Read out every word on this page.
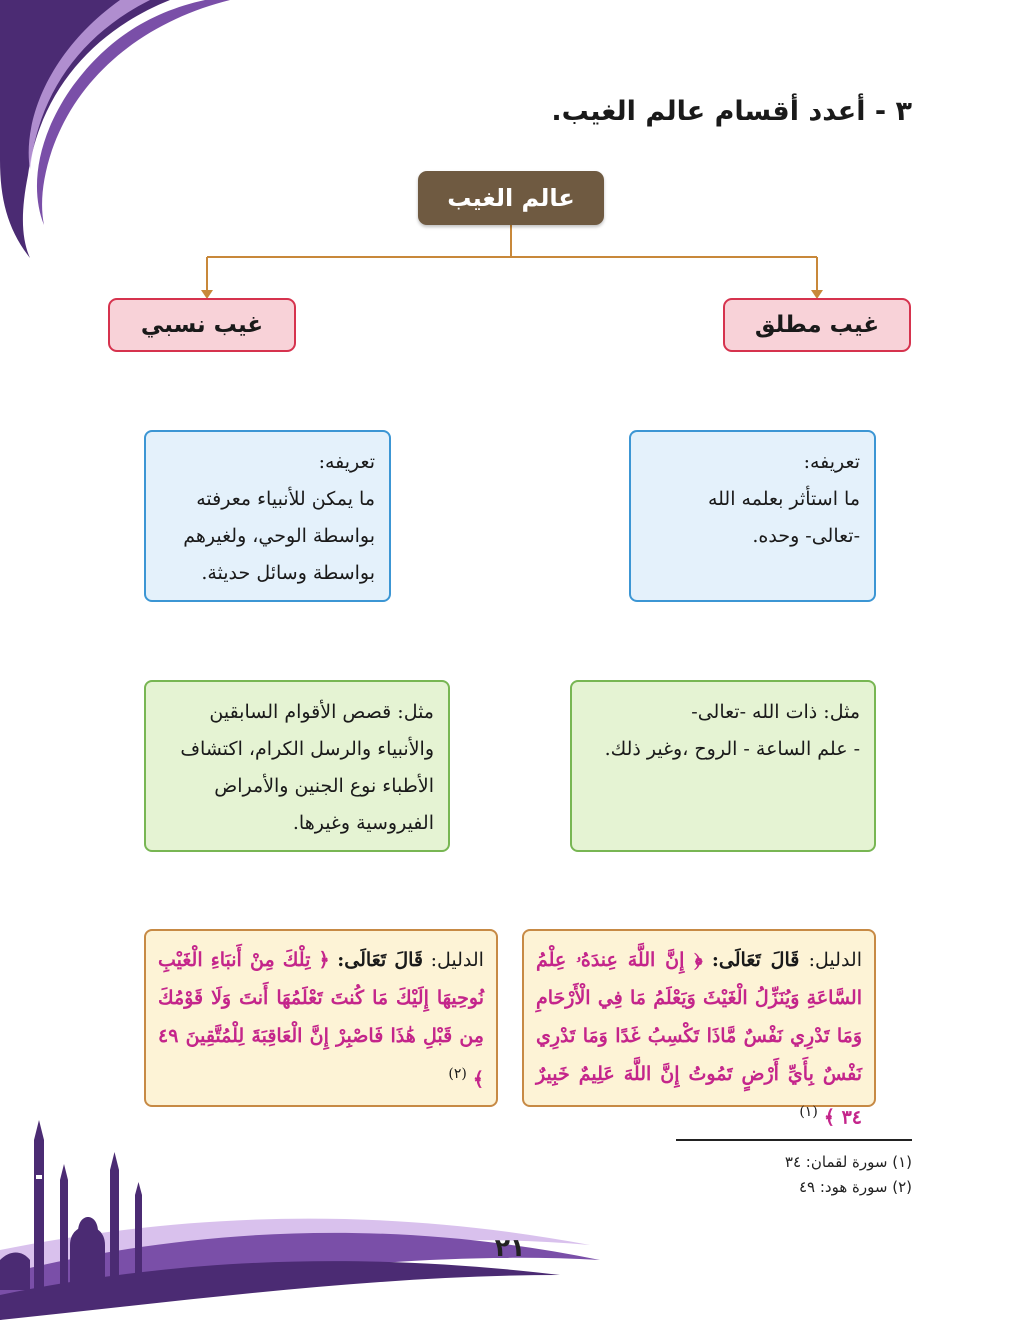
٣ - أعدد أقسام عالم الغيب.
عالم الغيب
غيب مطلق
غيب نسبي
تعريفه:
ما استأثر بعلمه الله
-تعالى- وحده.
تعريفه:
ما يمكن للأنبياء معرفته
بواسطة الوحي، ولغيرهم
بواسطة وسائل حديثة.
مثل: ذات الله -تعالى-
- علم الساعة - الروح ،وغير ذلك.
مثل: قصص الأقوام السابقين
والأنبياء والرسل الكرام، اكتشاف
الأطباء نوع الجنين والأمراض
الفيروسية وغيرها.
الدليل: قَالَ تَعَالَى: ﴿ إِنَّ اللَّهَ عِندَهُۥ عِلْمُ السَّاعَةِ وَيُنَزِّلُ الْغَيْثَ وَيَعْلَمُ مَا فِي الْأَرْحَامِ وَمَا تَدْرِي نَفْسٌ مَّاذَا تَكْسِبُ غَدًا وَمَا تَدْرِي نَفْسٌ بِأَيِّ أَرْضٍ تَمُوتُ إِنَّ اللَّهَ عَلِيمٌ خَبِيرٌ ٣٤ ﴾ $^{(١)}$
الدليل: قَالَ تَعَالَى: ﴿ تِلْكَ مِنْ أَنبَاءِ الْغَيْبِ نُوحِيهَا إِلَيْكَ مَا كُنتَ تَعْلَمُهَا أَنتَ وَلَا قَوْمُكَ مِن قَبْلِ هَٰذَا فَاصْبِرْ إِنَّ الْعَاقِبَةَ لِلْمُتَّقِينَ ٤٩ ﴾ $^{(٢)}$
(١) سورة لقمان: ٣٤
(٢) سورة هود: ٤٩
٢١
